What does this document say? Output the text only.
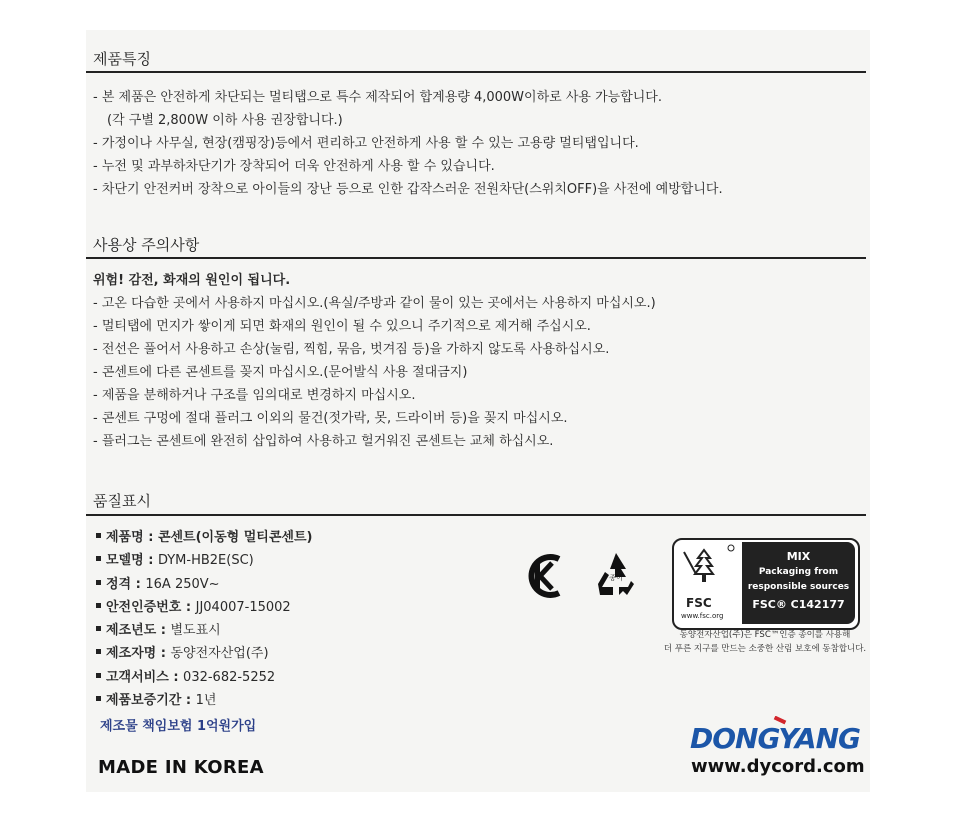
제품특징
- 본 제품은 안전하게 차단되는 멀티탭으로 특수 제작되어 합계용량 4,000W이하로 사용 가능합니다.
(각 구별 2,800W 이하 사용 권장합니다.)
- 가정이나 사무실, 현장(캠핑장)등에서 편리하고 안전하게 사용 할 수 있는 고용량 멀티탭입니다.
- 누전 및 과부하차단기가 장착되어 더욱 안전하게 사용 할 수 있습니다.
- 차단기 안전커버 장착으로 아이들의 장난 등으로 인한 갑작스러운 전원차단(스위치OFF)을 사전에 예방합니다.
사용상 주의사항
위험! 감전, 화재의 원인이 됩니다.
- 고온 다습한 곳에서 사용하지 마십시오.(욕실/주방과 같이 물이 있는 곳에서는 사용하지 마십시오.)
- 멀티탭에 먼지가 쌓이게 되면 화재의 원인이 될 수 있으니 주기적으로 제거해 주십시오.
- 전선은 풀어서 사용하고 손상(눌림, 찍힘, 묶음, 벗겨짐 등)을 가하지 않도록 사용하십시오.
- 콘센트에 다른 콘센트를 꽂지 마십시오.(문어발식 사용 절대금지)
- 제품을 분해하거나 구조를 임의대로 변경하지 마십시오.
- 콘센트 구멍에 절대 플러그 이외의 물건(젓가락, 못, 드라이버 등)을 꽂지 마십시오.
- 플러그는 콘센트에 완전히 삽입하여 사용하고 헐거워진 콘센트는 교체 하십시오.
품질표시
제품명 : 콘센트(이동형 멀티콘센트)
모델명 : DYM-HB2E(SC)
정격 : 16A 250V~
안전인증번호 : JJ04007-15002
제조년도 : 별도표시
제조자명 : 동양전자산업(주)
고객서비스 : 032-682-5252
제품보증기간 : 1년
제조물 책임보험 1억원가입
MADE IN KOREA
종이
FSC
www.fsc.org
MIX
Packaging from
responsible sources
FSC® C142177
동양전자산업(주)은 FSC™인증 종이를 사용해
더 푸른 지구를 만드는 소중한 산림 보호에 동참합니다.
DONGYANG
www.dycord.com
